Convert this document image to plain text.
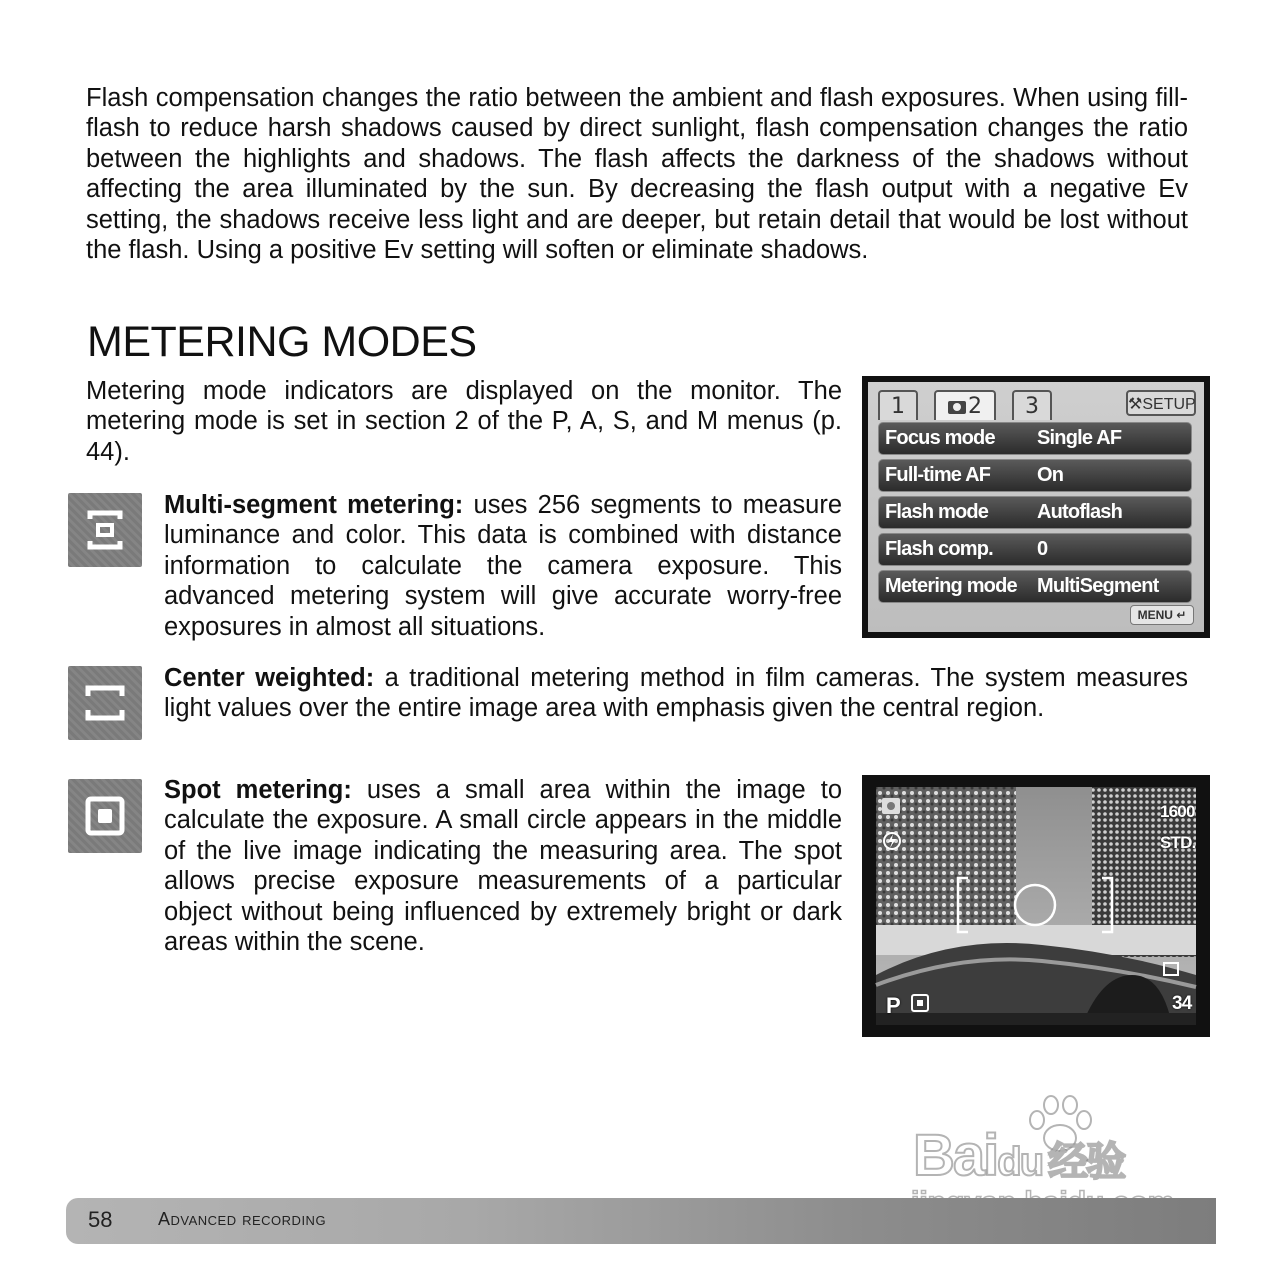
Flash compensation changes the ratio between the ambient and flash exposures. When using fill-flash to reduce harsh shadows caused by direct sunlight, flash compensation changes the ratio between the highlights and shadows. The flash affects the darkness of the shadows without affecting the area illuminated by the sun. By decreasing the flash output with a negative Ev setting, the shadows receive less light and are deeper, but retain detail that would be lost without the flash. Using a positive Ev setting will soften or eliminate shadows.

METERING MODES

Metering mode indicators are displayed on the monitor. The metering mode is set in section 2 of the P, A, S, and M menus (p. 44).

Multi-segment metering: uses 256 segments to measure luminance and color. This data is combined with distance information to calculate the camera exposure. This advanced metering system will give accurate worry-free exposures in almost all situations.

Center weighted: a traditional metering method in film cameras. The system measures light values over the entire image area with emphasis given the central region.

Spot metering: uses a small area within the image to calculate the exposure. A small circle appears in the middle of the live image indicating the measuring area. The spot allows precise exposure measurements of a particular object without being influenced by extremely bright or dark areas within the scene.

1	2	3	⚒SETUP
Focus mode Single AF
Full-time AF On
Flash mode Autoflash
Flash comp. 0
Metering mode MultiSegment
MENU ↵
1600
STD.
P	34
Baidu 经验
58	Advanced recording
